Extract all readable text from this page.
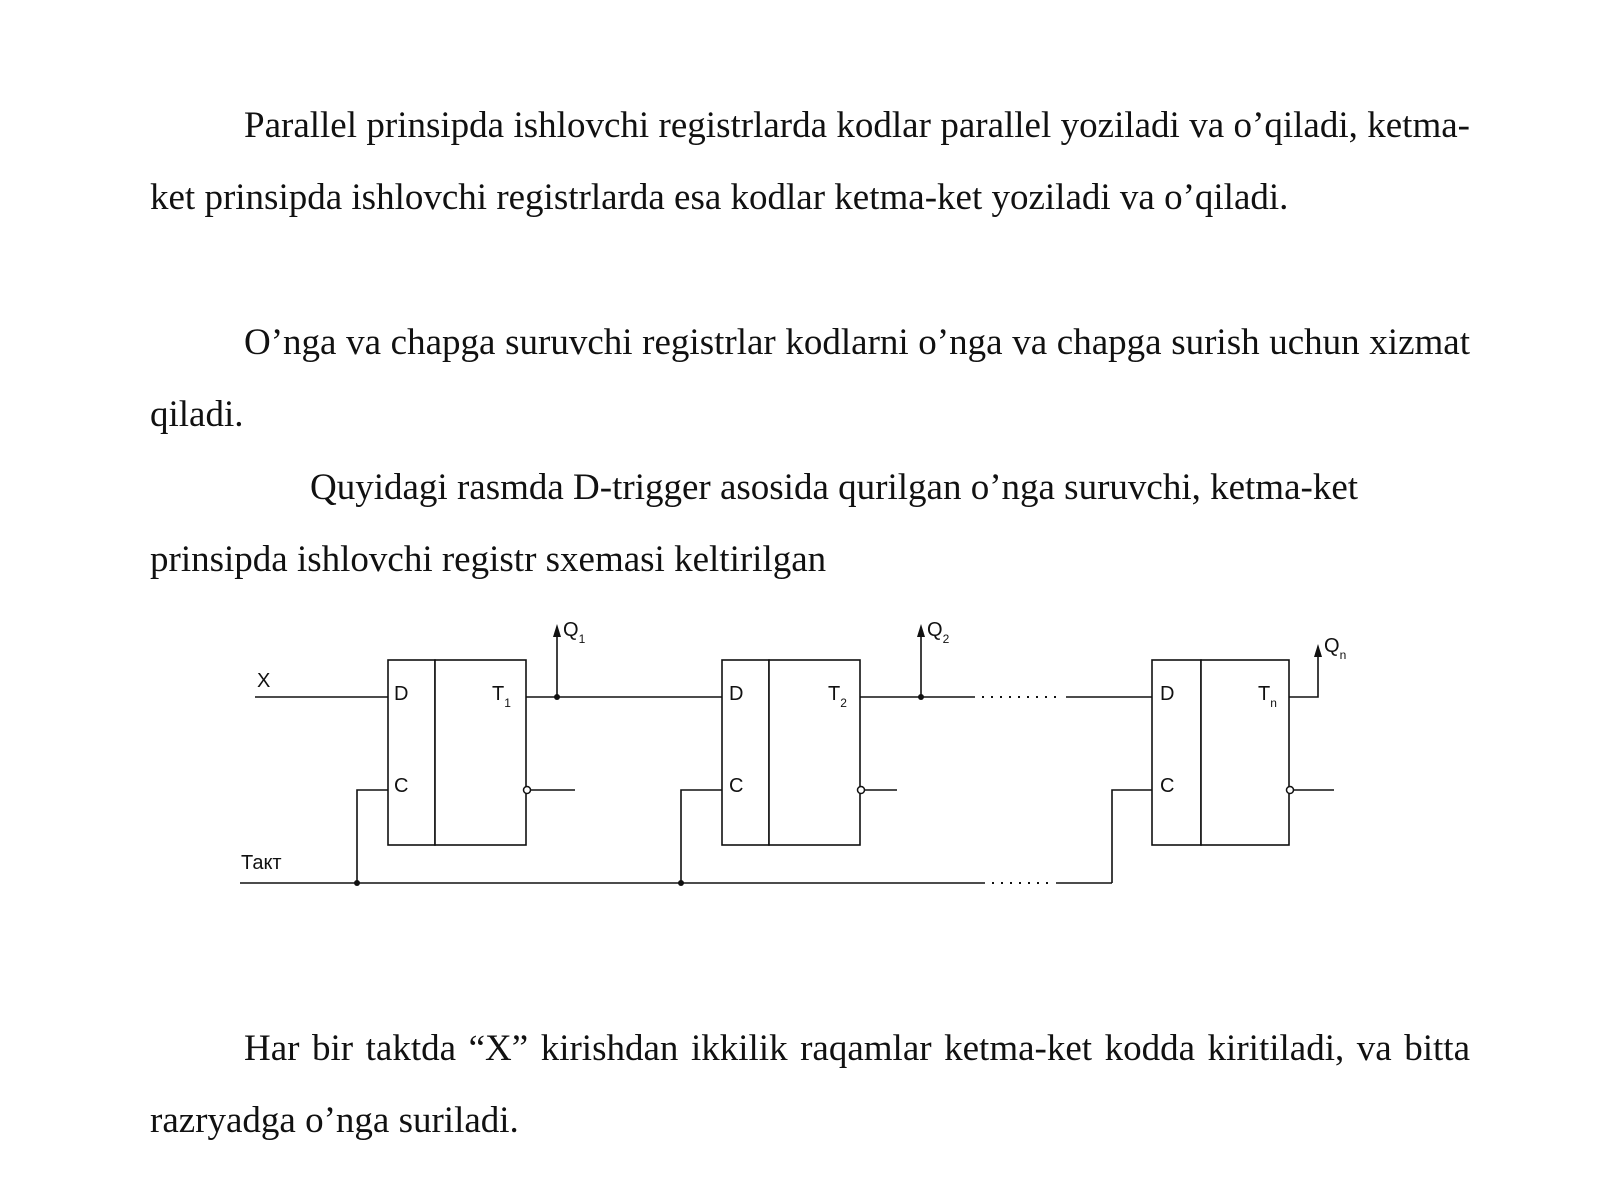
Parallel prinsipda ishlovchi registrlarda kodlar parallel yoziladi va o’qiladi, ketma-ket prinsipda ishlovchi registrlarda esa kodlar ketma-ket yoziladi va o’qiladi.

O’nga va chapga suruvchi registrlar kodlarni o’nga va chapga surish uchun xizmat qiladi.

Quyidagi rasmda D-trigger asosida qurilgan o’nga suruvchi, ketma-ket prinsipda ishlovchi registr sxemasi keltirilgan

X
Такт
D
C
$T_1$
$Q_1$
D
C
$T_2$
$Q_2$
D
C
$T_n$
$Q_n$

Har bir taktda “X” kirishdan ikkilik raqamlar ketma-ket kodda kiritiladi, va bitta razryadga o’nga suriladi.
